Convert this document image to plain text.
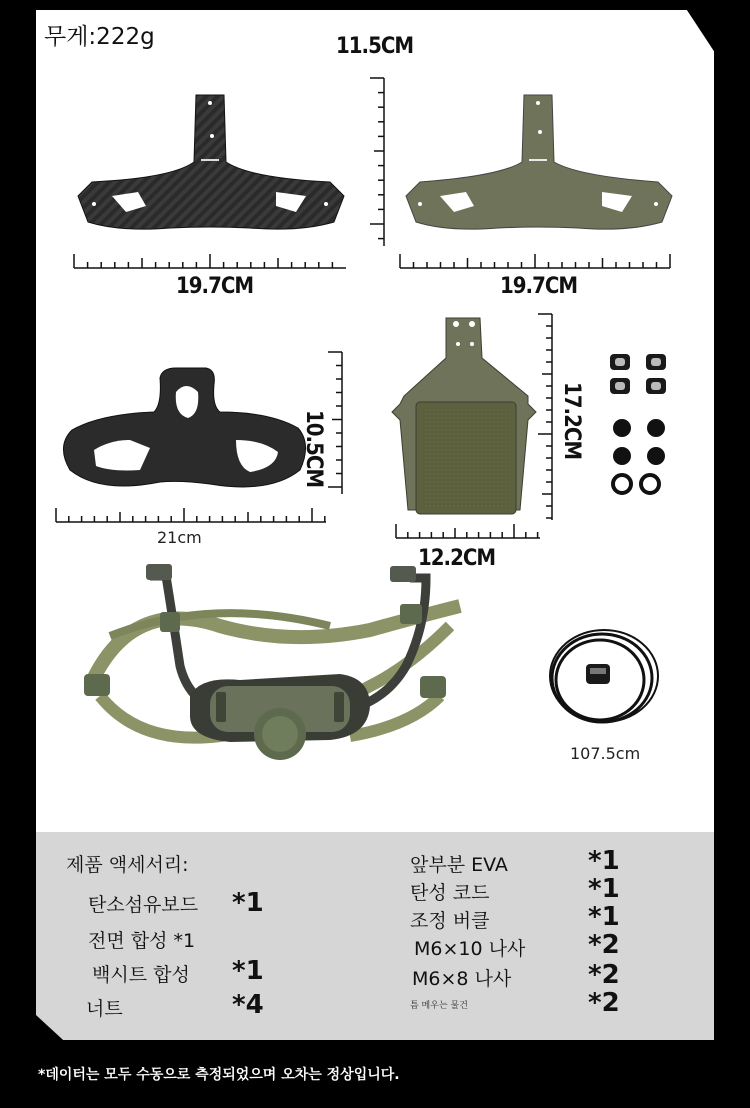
무게:222g	11.5CM
19.7CM	19.7CM
10.5CM
21cm
17.2CM
12.2CM
107.5cm
제품 액세서리:
탄소섬유보드 *1
전면 합성 *1
백시트 합성 *1
너트	*4
앞부분 EVA	*1
탄성 코드	*1
조정 버클	*1
M6×10 나사 *2
M6×8 나사	*2
틈 메우는 물건	*2
*데이터는 모두 수동으로 측정되었으며 오차는 정상입니다.
